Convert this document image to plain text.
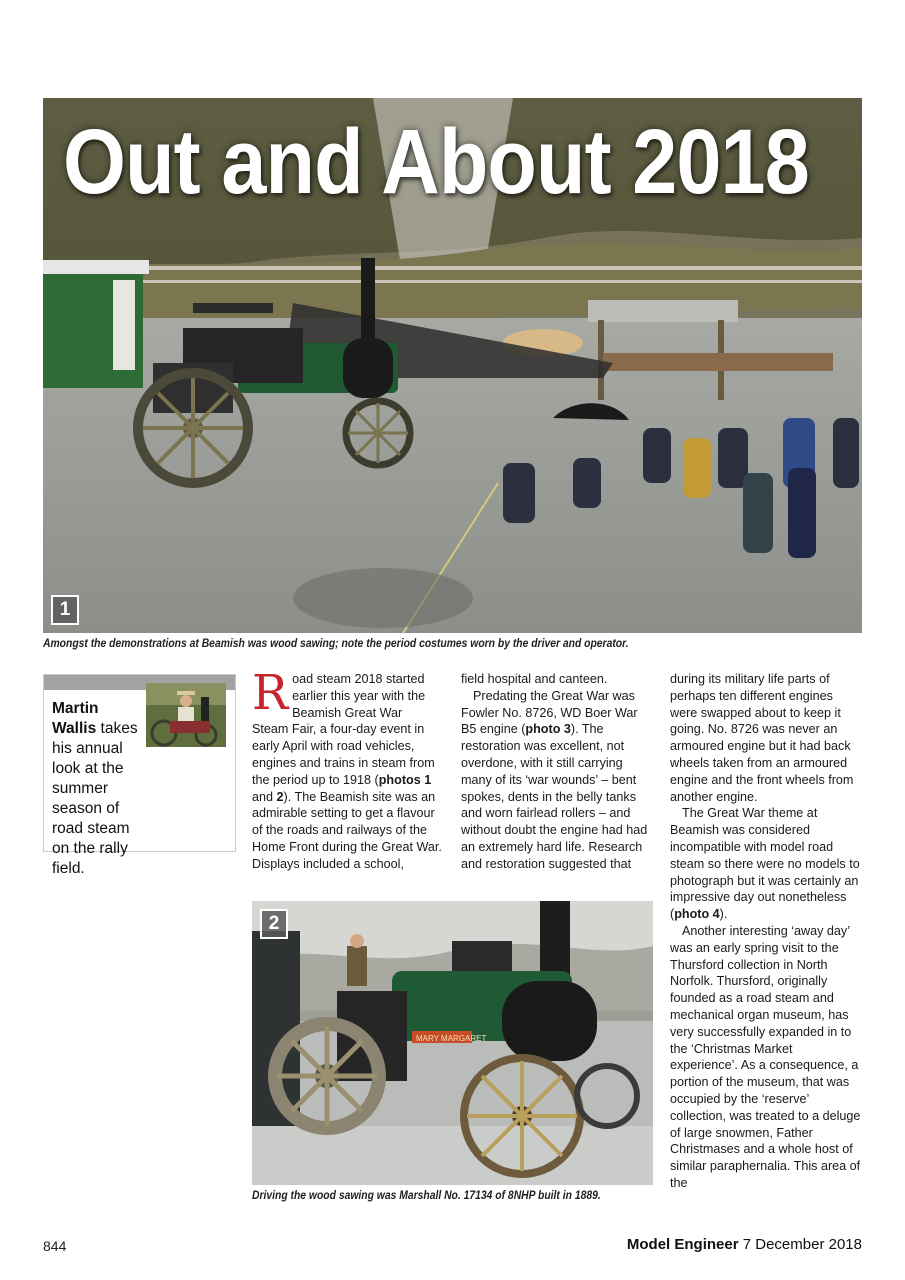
Out and About 2018
1
Amongst the demonstrations at Beamish was wood sawing; note the period costumes worn by the driver and operator.
Martin Wallis takes his annual look at the summer season of road steam on the rally field.

Road steam 2018 started earlier this year with the Beamish Great War Steam Fair, a four-day event in early April with road vehicles, engines and trains in steam from the period up to 1918 (photos 1 and 2). The Beamish site was an admirable setting to get a flavour of the roads and railways of the Home Front during the Great War. Displays included a school,

field hospital and canteen.

Predating the Great War was Fowler No. 8726, WD Boer War B5 engine (photo 3). The restoration was excellent, not overdone, with it still carrying many of its ‘war wounds’ – bent spokes, dents in the belly tanks and worn fairlead rollers – and without doubt the engine had had an extremely hard life. Research and restoration suggested that

during its military life parts of perhaps ten different engines were swapped about to keep it going. No. 8726 was never an armoured engine but it had back wheels taken from an armoured engine and the front wheels from another engine.

The Great War theme at Beamish was considered incompatible with model road steam so there were no models to photograph but it was certainly an impressive day out nonetheless (photo 4).

Another interesting ‘away day’ was an early spring visit to the Thursford collection in North Norfolk. Thursford, originally founded as a road steam and mechanical organ museum, has very successfully expanded in to the ‘Christmas Market experience’. As a consequence, a portion of the museum, that was occupied by the ‘reserve’ collection, was treated to a deluge of large snowmen, Father Christmases and a whole host of similar paraphernalia. This area of the

MARY MARGARET
2
Driving the wood sawing was Marshall No. 17134 of 8NHP built in 1889.
844	Model Engineer 7 December 2018
